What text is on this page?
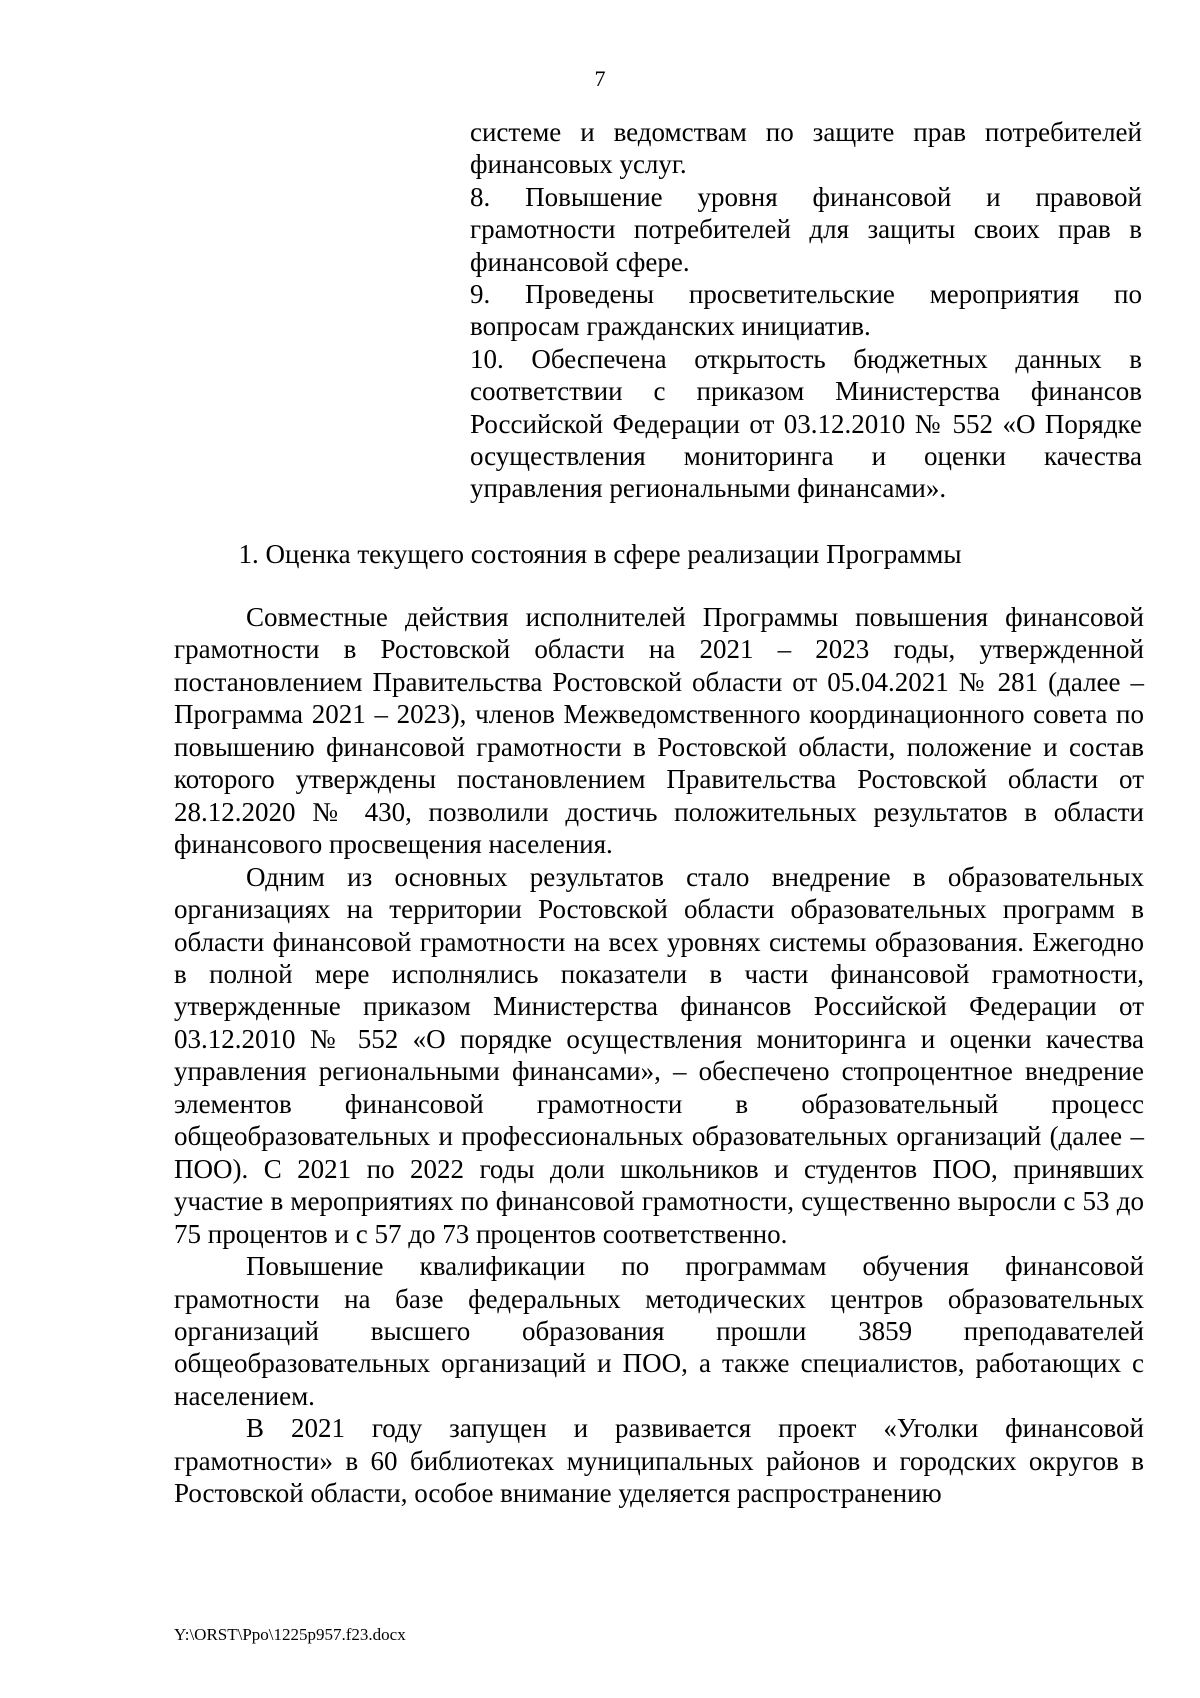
7

системе и ведомствам по защите прав потребителей финансовых услуг.

8. Повышение уровня финансовой и правовой грамотности потребителей для защиты своих прав в финансовой сфере.

9. Проведены просветительские мероприятия по вопросам гражданских инициатив.

10. Обеспечена открытость бюджетных данных в соответствии с приказом Министерства финансов Российской Федерации от 03.12.2010 № 552 «О Порядке осуществления мониторинга и оценки качества управления региональными финансами».

1. Оценка текущего состояния в сфере реализации Программы

Совместные действия исполнителей Программы повышения финансовой грамотности в Ростовской области на 2021 – 2023 годы, утвержденной постановлением Правительства Ростовской области от 05.04.2021 № 281 (далее – Программа 2021 – 2023), членов Межведомственного координационного совета по повышению финансовой грамотности в Ростовской области, положение и состав которого утверждены постановлением Правительства Ростовской области от 28.12.2020 № 430, позволили достичь положительных результатов в области финансового просвещения населения.

Одним из основных результатов стало внедрение в образовательных организациях на территории Ростовской области образовательных программ в области финансовой грамотности на всех уровнях системы образования. Ежегодно в полной мере исполнялись показатели в части финансовой грамотности, утвержденные приказом Министерства финансов Российской Федерации от 03.12.2010 № 552 «О порядке осуществления мониторинга и оценки качества управления региональными финансами», – обеспечено стопроцентное внедрение элементов финансовой грамотности в образовательный процесс общеобразовательных и профессиональных образовательных организаций (далее – ПОО). С 2021 по 2022 годы доли школьников и студентов ПОО, принявших участие в мероприятиях по финансовой грамотности, существенно выросли с 53 до 75 процентов и с 57 до 73 процентов соответственно.

Повышение квалификации по программам обучения финансовой грамотности на базе федеральных методических центров образовательных организаций высшего образования прошли 3859 преподавателей общеобразовательных организаций и ПОО, а также специалистов, работающих с населением.

В 2021 году запущен и развивается проект «Уголки финансовой грамотности» в 60 библиотеках муниципальных районов и городских округов в Ростовской области, особое внимание уделяется распространению

Y:\ORST\Ppo\1225p957.f23.docx
